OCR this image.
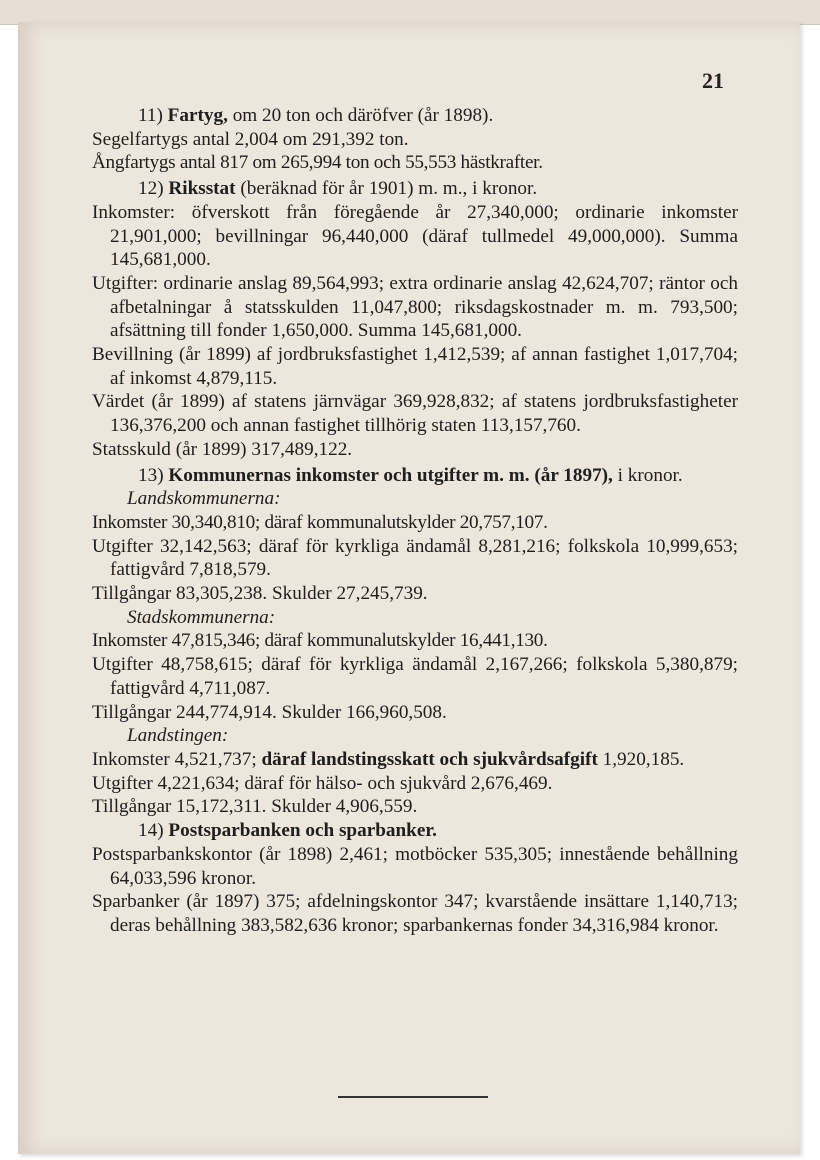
21

11) Fartyg, om 20 ton och däröfver (år 1898).

Segelfartygs antal 2,004 om 291,392 ton.

Ångfartygs antal 817 om 265,994 ton och 55,553 hästkrafter.

12) Riksstat (beräknad för år 1901) m. m., i kronor.

Inkomster: öfverskott från föregående år 27,340,000; ordinarie inkomster 21,901,000; bevillningar 96,440,000 (däraf tullmedel 49,000,000). Summa 145,681,000.

Utgifter: ordinarie anslag 89,564,993; extra ordinarie anslag 42,624,707; räntor och afbetalningar å statsskulden 11,047,800; riksdagskostnader m. m. 793,500; afsättning till fonder 1,650,000. Summa 145,681,000.

Bevillning (år 1899) af jordbruksfastighet 1,412,539; af annan fastighet 1,017,704; af inkomst 4,879,115.

Värdet (år 1899) af statens järnvägar 369,928,832; af statens jordbruksfastigheter 136,376,200 och annan fastighet tillhörig staten 113,157,760.

Statsskuld (år 1899) 317,489,122.

13) Kommunernas inkomster och utgifter m. m. (år 1897), i kronor.

Landskommunerna:

Inkomster 30,340,810; däraf kommunalutskylder 20,757,107.

Utgifter 32,142,563; däraf för kyrkliga ändamål 8,281,216; folkskola 10,999,653; fattigvård 7,818,579.

Tillgångar 83,305,238. Skulder 27,245,739.

Stadskommunerna:

Inkomster 47,815,346; däraf kommunalutskylder 16,441,130.

Utgifter 48,758,615; däraf för kyrkliga ändamål 2,167,266; folkskola 5,380,879; fattigvård 4,711,087.

Tillgångar 244,774,914. Skulder 166,960,508.

Landstingen:

Inkomster 4,521,737; däraf landstingsskatt och sjukvårdsafgift 1,920,185.

Utgifter 4,221,634; däraf för hälso- och sjukvård 2,676,469.

Tillgångar 15,172,311. Skulder 4,906,559.

14) Postsparbanken och sparbanker.

Postsparbankskontor (år 1898) 2,461; motböcker 535,305; innestående behållning 64,033,596 kronor.

Sparbanker (år 1897) 375; afdelningskontor 347; kvarstående insättare 1,140,713; deras behållning 383,582,636 kronor; sparbankernas fonder 34,316,984 kronor.
